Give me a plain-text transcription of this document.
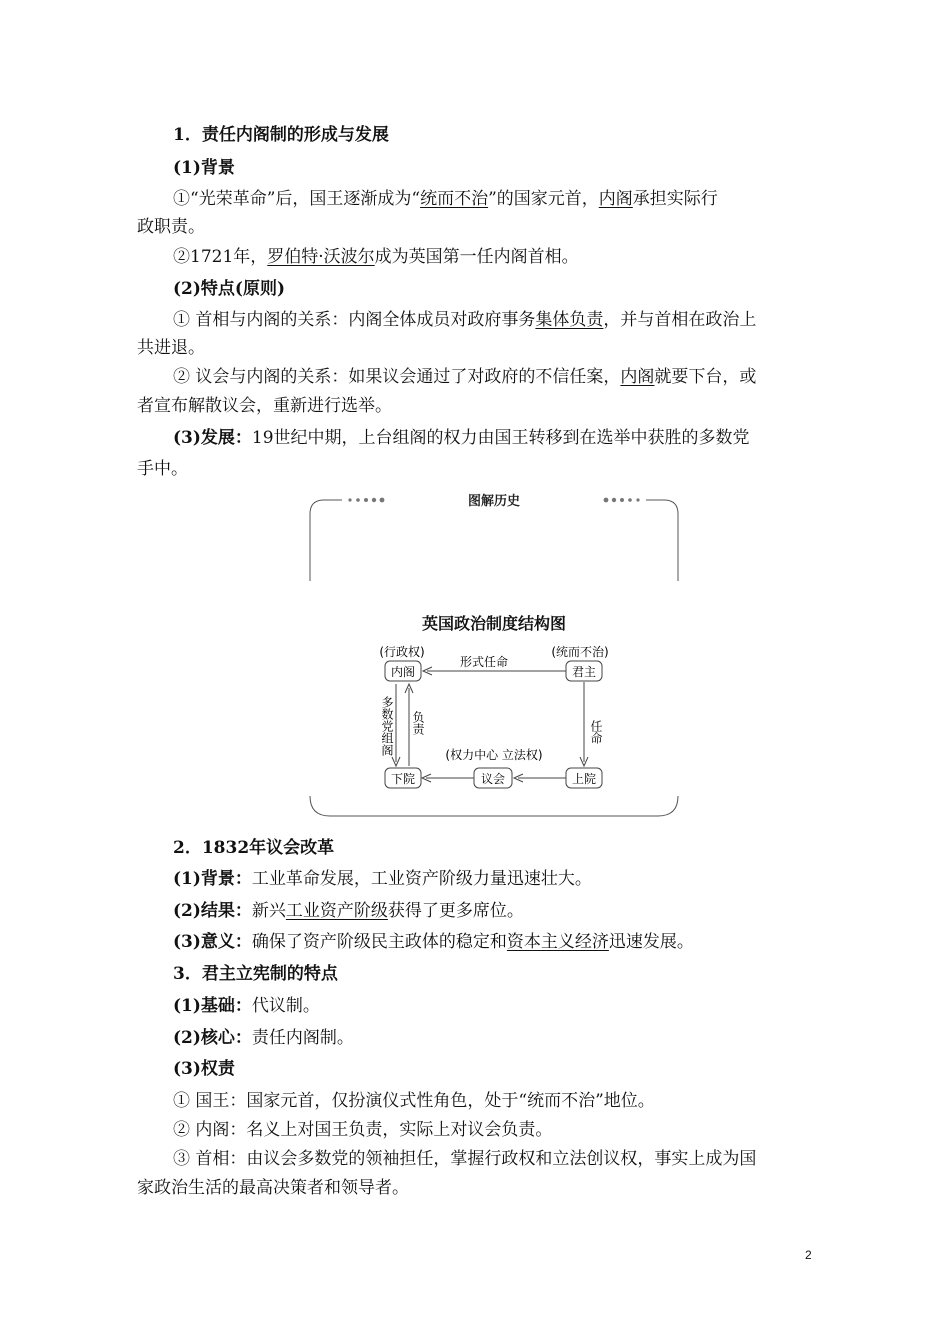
1．责任内阁制的形成与发展
(1)背景
①“光荣革命”后，国王逐渐成为“统而不治”的国家元首，内阁承担实际行
政职责。
②1721年，罗伯特·沃波尔成为英国第一任内阁首相。
(2)特点(原则)
① 首相与内阁的关系：内阁全体成员对政府事务集体负责，并与首相在政治上
共进退。
② 议会与内阁的关系：如果议会通过了对政府的不信任案，内阁就要下台，或
者宣布解散议会，重新进行选举。
(3)发展：19世纪中期，上台组阁的权力由国王转移到在选举中获胜的多数党
手中。
图解历史
英国政治制度结构图
(行政权)
内阁
(统而不治)
君主
下院
(权力中心 立法权)
议会	上院
形式任命
任命
多数党组阁 负责
2．1832年议会改革
(1)背景：工业革命发展，工业资产阶级力量迅速壮大。
(2)结果：新兴工业资产阶级获得了更多席位。
(3)意义：确保了资产阶级民主政体的稳定和资本主义经济迅速发展。
3．君主立宪制的特点
(1)基础：代议制。
(2)核心：责任内阁制。
(3)权责
① 国王：国家元首，仅扮演仪式性角色，处于“统而不治”地位。
② 内阁：名义上对国王负责，实际上对议会负责。
③ 首相：由议会多数党的领袖担任，掌握行政权和立法创议权，事实上成为国
家政治生活的最高决策者和领导者。
2
